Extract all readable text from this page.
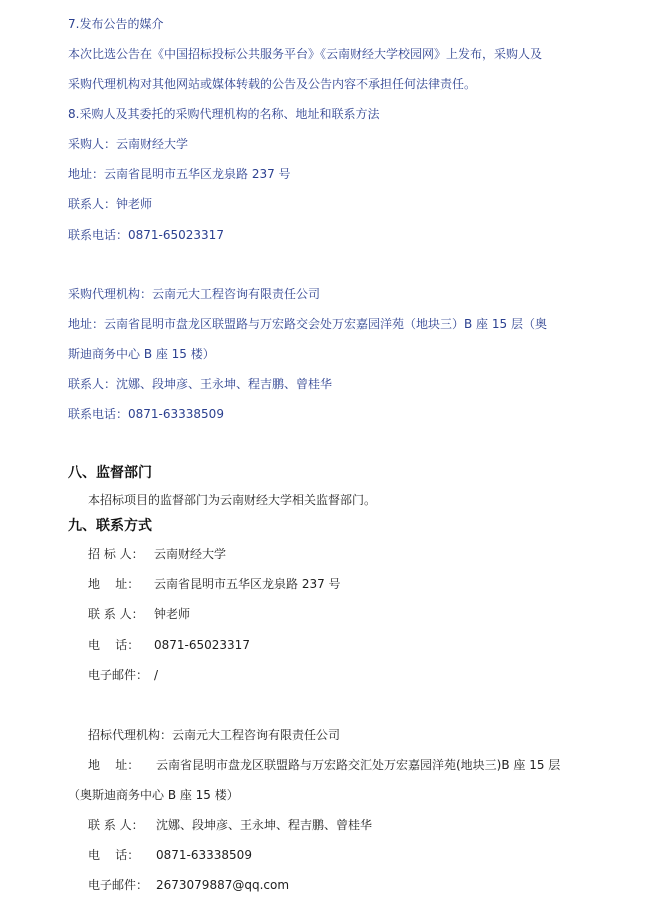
7.发布公告的媒介
本次比选公告在《中国招标投标公共服务平台》《云南财经大学校园网》上发布，采购人及
采购代理机构对其他网站或媒体转载的公告及公告内容不承担任何法律责任。
8.采购人及其委托的采购代理机构的名称、地址和联系方法
采购人：云南财经大学
地址：云南省昆明市五华区龙泉路 237 号
联系人：钟老师
联系电话：0871-65023317
采购代理机构：云南元大工程咨询有限责任公司
地址：云南省昆明市盘龙区联盟路与万宏路交会处万宏嘉园洋苑（地块三）B 座 15 层（奥
斯迪商务中心 B 座 15 楼）
联系人：沈娜、段坤彦、王永坤、程吉鹏、曾桂华
联系电话：0871-63338509
八、监督部门
本招标项目的监督部门为云南财经大学相关监督部门。
九、联系方式
招 标 人： 云南财经大学
地    址： 云南省昆明市五华区龙泉路 237 号
联 系 人： 钟老师
电    话： 0871-65023317
电子邮件： /
招标代理机构：云南元大工程咨询有限责任公司
地    址： 云南省昆明市盘龙区联盟路与万宏路交汇处万宏嘉园洋苑(地块三)B 座 15 层
（奥斯迪商务中心 B 座 15 楼）
联 系 人： 沈娜、段坤彦、王永坤、程吉鹏、曾桂华
电    话： 0871-63338509
电子邮件： 2673079887@qq.com
